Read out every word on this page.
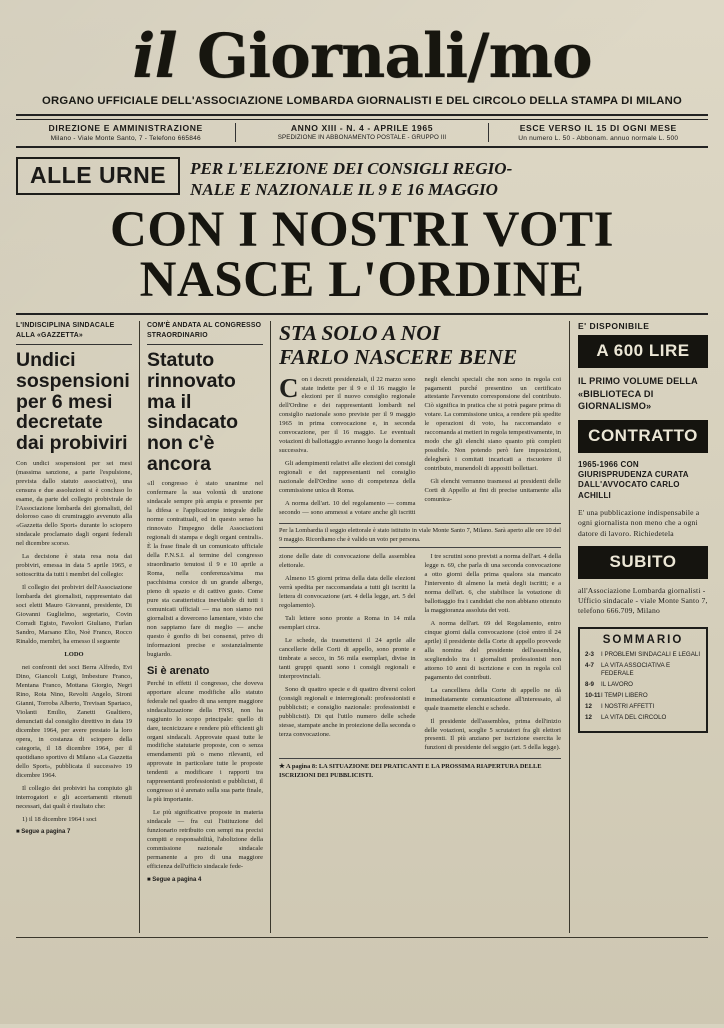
il Giornali/mo
ORGANO UFFICIALE DELL'ASSOCIAZIONE LOMBARDA GIORNALISTI E DEL CIRCOLO DELLA STAMPA DI MILANO
DIREZIONE E AMMINISTRAZIONE
Milano - Viale Monte Santo, 7 - Telefono 665846
ANNO XIII - N. 4 - APRILE 1965
SPEDIZIONE IN ABBONAMENTO POSTALE - GRUPPO III
ESCE VERSO IL 15 DI OGNI MESE
Un numero L. 50 - Abbonam. annuo normale L. 500
ALLE URNE	PER L'ELEZIONE DEI CONSIGLI REGIO-
NALE E NAZIONALE IL 9 E 16 MAGGIO
CON I NOSTRI VOTI
NASCE L'ORDINE
L'INDISCIPLINA SINDACALE ALLA «GAZZETTA»
Undici sospensioni per 6 mesi decretate dai probiviri

Con undici sospensioni per sei mesi (massima sanzione, a parte l'espulsione, prevista dallo statuto associativo), una censura e due assoluzioni si è concluso lo esame, da parte del collegio probivirale de l'Associazione lombarda dei giornalisti, del doloroso caso di crumiraggio avvenuto alla «Gazzetta dello Sport» durante lo sciopero sindacale proclamato dagli organi federali nel dicembre scorso.

La decisione è stata resa nota dai probiviri, emessa in data 5 aprile 1965, e sottoscritta da tutti i membri del collegio:

Il collegio dei probiviri dell'Associazione lombarda dei giornalisti, rappresentato dai soci eletti Mauro Giovanni, presidente, Di Giovanni Guglielmo, segretario, Covin Corradi Egisto, Favolori Giuliano, Furlan Sandro, Marsano Elio, Noè Franco, Rocco Rinaldo, membri, ha emesso il seguente

LODO

nei confronti dei soci Berra Alfredo, Evi Dino, Giancoli Luigi, Imbesture Franco, Mentana Franco, Mottana Giorgio, Negri Rino, Rota Nino, Revolti Angelo, Sironi Gianni, Torroba Alberto, Trevisan Spartaco, Violanti Emilio, Zanetti Gualtiero, denunciati dal consiglio direttivo in data 19 dicembre 1964, per avere prestato la loro opera, in costanza di sciopero della categoria, il 18 dicembre 1964, per il quotidiano sportivo di Milano «La Gazzetta dello Sport», pubblicata il successivo 19 dicembre 1964.

Il collegio dei probiviri ha compiuto gli interrogatori e gli accertamenti ritenuti necessari, dai quali è risultato che:

1) il 18 dicembre 1964 i soci

■ Segue a pagina 7
COM'È ANDATA AL CONGRESSO STRAORDINARIO
Statuto rinnovato ma il sindacato non c'è ancora

«Il congresso è stato unanime nel confermare la sua volontà di unzione sindacale sempre più ampia e presente per la difesa e l'applicazione integrale delle norme contrattuali, ed in questo senso ha rinnovato l'impegno delle Associazioni regionali di stampa e degli organi centrali». È la frase finale di un comunicato ufficiale della F.N.S.I. al termine del congresso straordinario tenutosi il 9 e 10 aprile a Roma, nella conferenza/sima ma pacchisima corsice di un grande albergo, pieno di spazio e di cattivo gusto. Come pure sta caratteristica inevitabile di tutti i comunicati ufficiali — ma non siamo noi giornalisti a doverceno lamentare, visto che non sappiamo fare di meglio — anche questo è gonfio di bei consensi, privo di informazioni precise e sostanzialmente bugiardo.

Si è arenato

Perché in effetti il congresso, che doveva apportare alcune modifiche allo statuto federale nel quadro di una sempre maggiore sindacalizzazione della FNSI, non ha raggiunto lo scopo principale: quello di dare, tecnicizzare e rendere più efficienti gli organi sindacali. Approvate quasi tutte le modifiche statutarie proposte, con o senza emendamenti più o meno rilevanti, ed approvate in particolare tutte le proposte tendenti a modificare i rapporti tra rappresentanti professionisti e pubblicisti, il congresso si è arenato sulla sua parte finale, la più importante.

Le più significative proposte in materia sindacale — fra cui l'istituzione del funzionario retribuito con sempi ma precisi compiti e responsabilità, l'abolizione della commissione nazionale sindacale permanente a pro di una maggiore efficienza dell'ufficio sindacale fede-

■ Segue a pagina 4
STA SOLO A NOI
FARLO NASCERE BENE

Con i decreti presidenziali, il 22 marzo sono state indette per il 9 e il 16 maggio le elezioni per il nuovo consiglio regionale dell'Ordine e dei rappresentanti lombardi nel consiglio nazionale sono previste per il 9 maggio 1965 in prima convocazione e, in seconda convocazione, per il 16 maggio. Le eventuali votazioni di ballottaggio avranno luogo la domenica successiva.

Gli adempimenti relativi alle elezioni dei consigli regionali e dei rappresentanti nel consiglio nazionale dell'Ordine sono di competenza della commissione unica di Roma.

A norma dell'art. 10 del regolamento — comma secondo — sono ammessi a votare anche gli iscritti negli elenchi speciali che non sono in regola coi pagamenti purché presentino un certificato attestante l'avvenuto corresponsione del contributo. Ciò significa in pratica che si potrà pagare prima di votare. La commissione unica, a rendere più spedite le operazioni di voto, ha raccomandato e raccomanda ai metieri in regola tempestivamente, in modo che gli elenchi siano quanto più completi possibile. Non potendo però fare imposizioni, delegherà i comitati incaricati a riscuotere il contributo, munendoli di appositi bollettari.

Gli elenchi verranno trasmessi ai presidenti delle Corti di Appello ai fini di precise unitamente alla comunica-

Per la Lombardia il seggio elettorale è stato istituito in viale Monte Santo 7, Milano. Sarà aperto alle ore 10 del 9 maggio. Ricordiamo che è valido un voto per persona.

zione delle date di convocazione della assemblea elettorale.

Almeno 15 giorni prima della data delle elezioni verrà spedita per raccomandata a tutti gli iscritti la lettera di convocazione (art. 4 della legge, art. 5 del regolamento).

Tali lettere sono pronte a Roma in 14 mila esemplari circa.

Le schede, da trasmettersi il 24 aprile alle cancellerie delle Corti di appello, sono pronte e timbrate a secco, in 56 mila esemplari, divise in tanti gruppi quanti sono i consigli regionali e interprovinciali.

Sono di quattro specie e di quattro diversi colori (consigli regionali e interregionali: professionisti e pubblicisti; e consiglio nazionale: professionisti e pubblicisti). Di qui l'utilo numero delle schede stesse, stampate anche in proiezione della seconda o terza convocazione.

I tre scrutini sono previsti a norma dell'art. 4 della legge n. 69, che parla di una seconda convocazione a otto giorni della prima qualora sia mancato l'intervento di almeno la metà degli iscritti; e a norma dell'art. 6, che stabilisce la votazione di ballottaggio fra i candidati che non abbiano ottenuto la maggioranza assoluta dei voti.

A norma dell'art. 69 del Regolamento, entro cinque giorni dalla convocazione (cioè entro il 24 aprile) il presidente della Corte di appello provvede alla nomina del presidente dell'assemblea, scegliendolo tra i giornalisti professionisti non attorno 10 anni di iscrizione e con in regola col pagamento dei contributi.

La cancelliera della Corte di appello ne dà immediatamente comunicazione all'interessato, al quale trasmette elenchi e schede.

Il presidente dell'assemblea, prima dell'inizio delle votazioni, sceglie 5 scrutatori fra gli elettori presenti. Il più anziano per iscrizione esercita le funzioni di presidente del seggio (art. 5 della legge).

★ A pagina 8: LA SITUAZIONE DEI PRATICANTI E LA PROSSIMA RIAPERTURA DELLE ISCRIZIONI DEI PUBBLICISTI.
E' DISPONIBILE
A 600 LIRE
IL PRIMO VOLUME DELLA «BIBLIOTECA DI GIORNALISMO»
CONTRATTO
1965-1966 CON GIURISPRUDENZA CURATA DALL'AVVOCATO CARLO ACHILLI
E' una pubblicazione indispensabile a ogni giornalista non meno che a ogni datore di lavoro. Richiedetela
SUBITO
all'Associazione Lombarda giornalisti - Ufficio sindacale - viale Monte Santo 7, telefono 666.709, Milano
SOMMARIO
2-3	I PROBLEMI SINDACALI E LEGALI
4-7	LA VITA ASSOCIATIVA E FEDERALE
8-9	IL LAVORO
10-11 I TEMPI LIBERO
12	I NOSTRI AFFETTI
12	LA VITA DEL CIRCOLO
